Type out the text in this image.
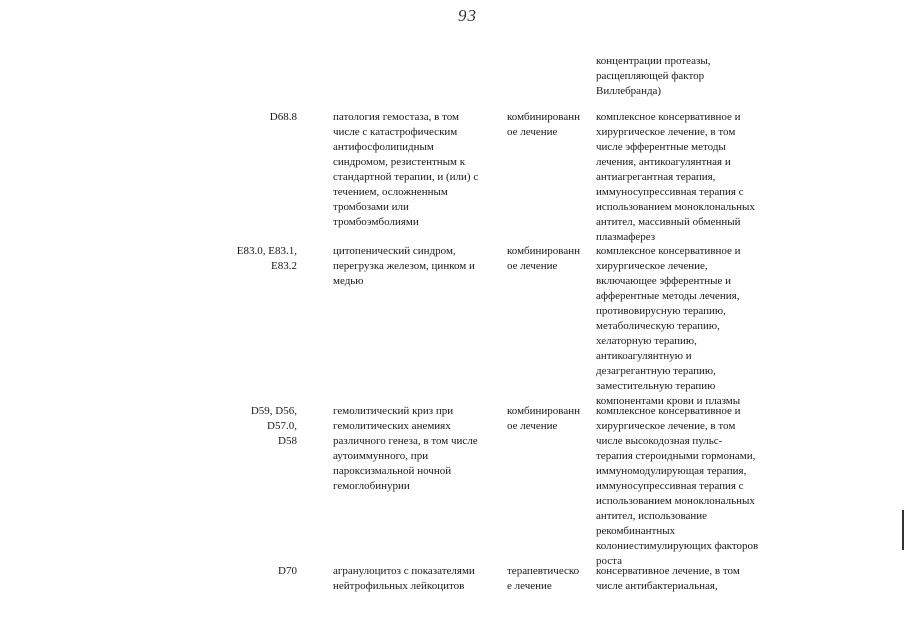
93
концентрации протеазы,
расщепляющей фактор
Виллебранда)
D68.8	патология гемостаза, в том
числе с катастрофическим
антифосфолипидным
синдромом, резистентным к
стандартной терапии, и (или) с
течением, осложненным
тромбозами или
тромбоэмболиями
комбинированн
ое лечение
комплексное консервативное и
хирургическое лечение, в том
числе эфферентные методы
лечения, антикоагулянтная и
антиагрегантная терапия,
иммуносупрессивная терапия с
использованием моноклональных
антител, массивный обменный
плазмаферез
E83.0, E83.1,
E83.2
цитопенический синдром,
перегрузка железом, цинком и
медью
комбинированн
ое лечение
комплексное консервативное и
хирургическое лечение,
включающее эфферентные и
афферентные методы лечения,
противовирусную терапию,
метаболическую терапию,
хелаторную терапию,
антикоагулянтную и
дезагрегантную терапию,
заместительную терапию
компонентами крови и плазмы
D59, D56, D57.0,
D58
гемолитический криз при
гемолитических анемиях
различного генеза, в том числе
аутоиммунного, при
пароксизмальной ночной
гемоглобинурии
комбинированн
ое лечение
комплексное консервативное и
хирургическое лечение, в том
числе высокодозная пульс-
терапия стероидными гормонами,
иммуномодулирующая терапия,
иммуносупрессивная терапия с
использованием моноклональных
антител, использование
рекомбинантных
колониестимулирующих факторов
роста
D70	агранулоцитоз с показателями
нейтрофильных лейкоцитов
терапевтическо
е лечение
консервативное лечение, в том
числе антибактериальная,
